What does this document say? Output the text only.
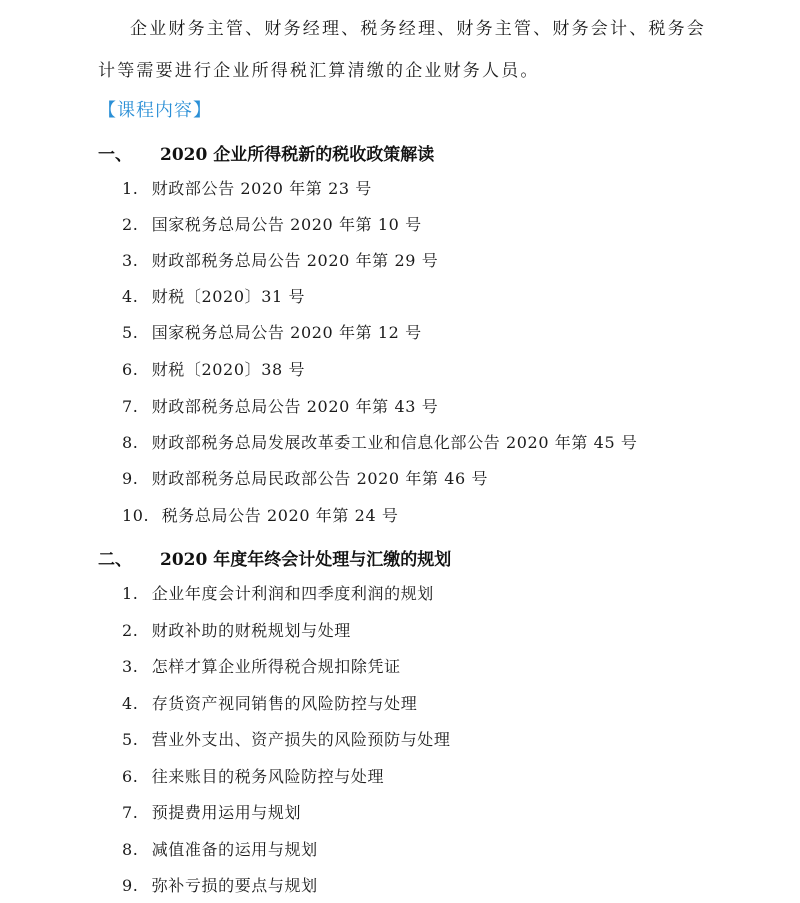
企业财务主管、财务经理、税务经理、财务主管、财务会计、税务会
计等需要进行企业所得税汇算清缴的企业财务人员。
【课程内容】
一、 2020 企业所得税新的税收政策解读
1. 财政部公告 2020 年第 23 号
2. 国家税务总局公告 2020 年第 10 号
3. 财政部税务总局公告 2020 年第 29 号
4. 财税〔2020〕31 号
5. 国家税务总局公告 2020 年第 12 号
6. 财税〔2020〕38 号
7. 财政部税务总局公告 2020 年第 43 号
8. 财政部税务总局发展改革委工业和信息化部公告 2020 年第 45 号
9. 财政部税务总局民政部公告 2020 年第 46 号
10. 税务总局公告 2020 年第 24 号
二、 2020 年度年终会计处理与汇缴的规划
1. 企业年度会计利润和四季度利润的规划
2. 财政补助的财税规划与处理
3. 怎样才算企业所得税合规扣除凭证
4. 存货资产视同销售的风险防控与处理
5. 营业外支出、资产损失的风险预防与处理
6. 往来账目的税务风险防控与处理
7. 预提费用运用与规划
8. 减值准备的运用与规划
9. 弥补亏损的要点与规划
